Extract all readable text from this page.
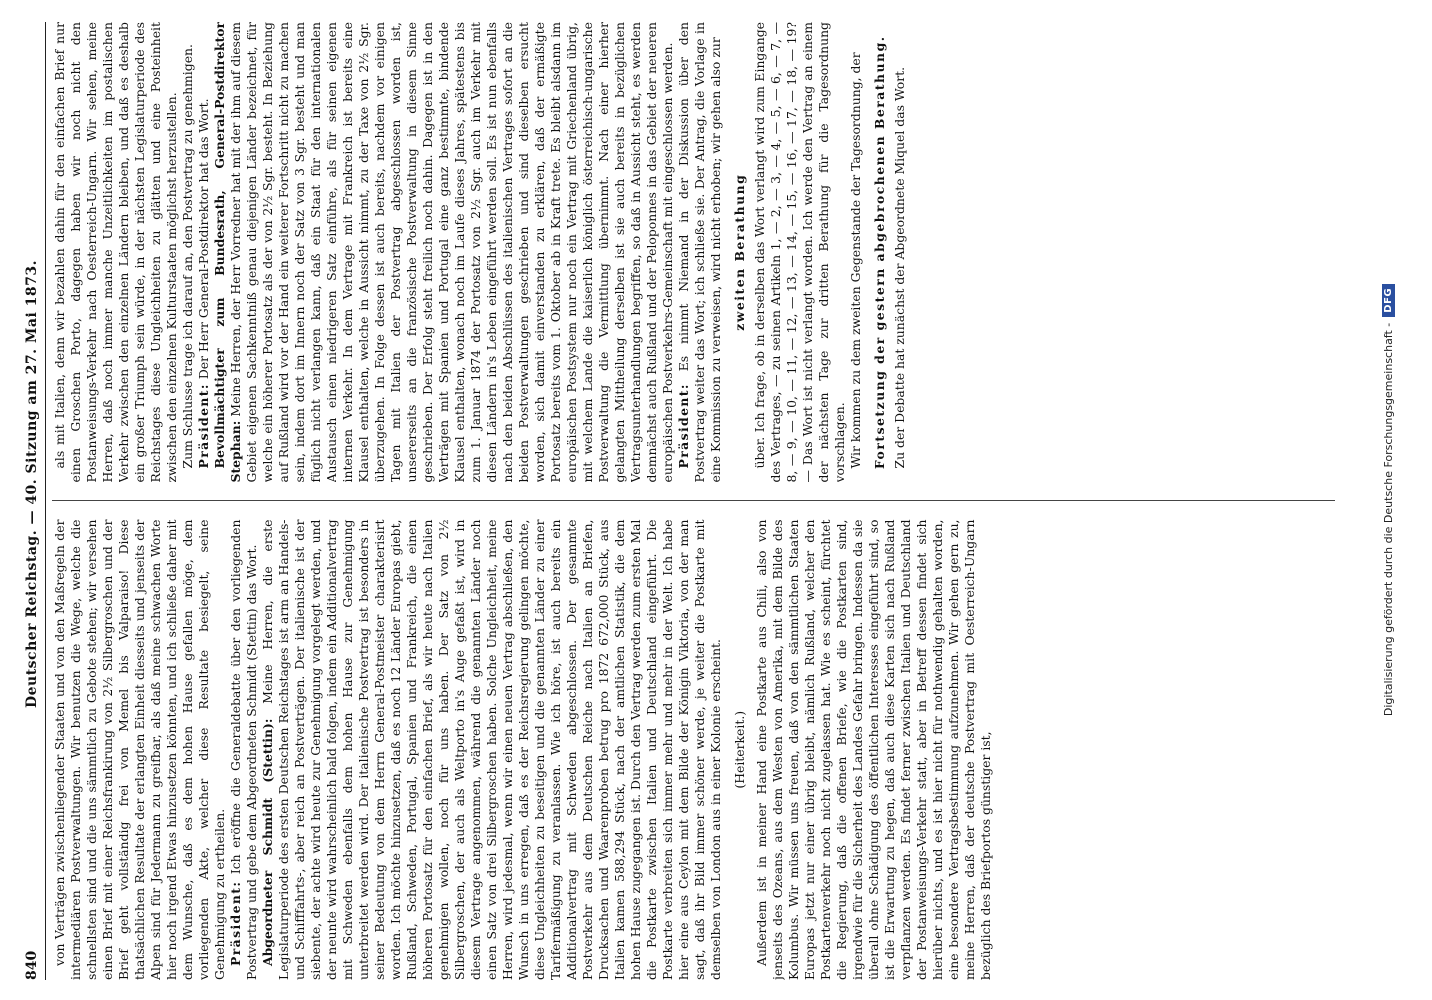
840
Deutscher Reichstag. — 40. Sitzung am 27. Mai 1873.

von Verträgen zwischenliegender Staaten und von den Maßregeln der intermediären Postverwaltungen. Wir benutzen die Wege, welche die schnellsten sind und die uns sämmtlich zu Gebote stehen; wir versehen einen Brief mit einer Reichsfrankirung von 2½ Silbergroschen und der Brief geht vollständig frei von Memel bis Valparaiso! Diese thatsächlichen Resultate der erlangten Einheit diesseits und jenseits der Alpen sind für Jedermann zu greifbar, als daß meine schwachen Worte hier noch irgend Etwas hinzusetzen könnten, und ich schließe daher mit dem Wunsche, daß es dem hohen Hause gefallen möge, dem vorliegenden Akte, welcher diese Resultate besiegelt, seine Genehmigung zu ertheilen. Präsident: Ich eröffne die Generaldebatte über den vorliegenden Postvertrag und gebe dem Abgeordneten Schmidt (Stettin) das Wort. Abgeordneter Schmidt (Stettin): Meine Herren, die erste Legislaturperiode des ersten Deutschen Reichstages ist arm an Handels- und Schifffahrts-, aber reich an Postverträgen. Der italienische ist der siebente, der achte wird heute zur Genehmigung vorgelegt werden, und der neunte wird wahrscheinlich bald folgen, indem ein Additionalvertrag mit Schweden ebenfalls dem hohen Hause zur Genehmigung unterbreitet werden wird. Der italienische Postvertrag ist besonders in seiner Bedeutung von dem Herrn General-Postmeister charakterisirt worden. Ich möchte hinzusetzen, daß es noch 12 Länder Europas giebt, Rußland, Schweden, Portugal, Spanien und Frankreich, die einen höheren Portosatz für den einfachen Brief, als wir heute nach Italien genehmigen wollen, noch für uns haben. Der Satz von 2½ Silbergroschen, der auch als Weltporto in's Auge gefaßt ist, wird in diesem Vertrage angenommen, während die genannten Länder noch einen Satz von drei Silbergroschen haben. Solche Ungleichheit, meine Herren, wird jedesmal, wenn wir einen neuen Vertrag abschließen, den Wunsch in uns erregen, daß es der Reichsregierung gelingen möchte, diese Ungleichheiten zu beseitigen und die genannten Länder zu einer Tarifermäßigung zu veranlassen. Wie ich höre, ist auch bereits ein Additionalvertrag mit Schweden abgeschlossen. Der gesammte Postverkehr aus dem Deutschen Reiche nach Italien an Briefen, Drucksachen und Waarenproben betrug pro 1872 672,000 Stück, aus Italien kamen 588,294 Stück, nach der amtlichen Statistik, die dem hohen Hause zugegangen ist. Durch den Vertrag werden zum ersten Mal die Postkarte zwischen Italien und Deutschland eingeführt. Die Postkarte verbreiten sich immer mehr und mehr in der Welt. Ich habe hier eine aus Ceylon mit dem Bilde der Königin Viktoria, von der man sagt, daß ihr Bild immer schöner werde, je weiter die Postkarte mit demselben von London aus in einer Kolonie erscheint. (Heiterkeit.) Außerdem ist in meiner Hand eine Postkarte aus Chili, also von jenseits des Ozeans, aus dem Westen von Amerika, mit dem Bilde des Kolumbus. Wir müssen uns freuen, daß von den sämmtlichen Staaten Europas jetzt nur einer übrig bleibt, nämlich Rußland, welcher den Postkartenverkehr noch nicht zugelassen hat. Wie es scheint, fürchtet die Regierung, daß die offenen Briefe, wie die Postkarten sind, irgendwie für die Sicherheit des Landes Gefahr bringen. Indessen da sie überall ohne Schädigung des öffentlichen Interesses eingeführt sind, so ist die Erwartung zu hegen, daß auch diese Karten sich nach Rußland verpflanzen werden. Es findet ferner zwischen Italien und Deutschland der Postanweisungs-Verkehr statt, aber in Betreff dessen findet sich hierüber nichts, und es ist hier nicht für nothwendig gehalten worden, eine besondere Vertragsbestimmung aufzunehmen. Wir gehen gern zu, meine Herren, daß der deutsche Postvertrag mit Oesterreich-Ungarn bezüglich des Briefportos günstiger ist,

als mit Italien, denn wir bezahlen dahin für den einfachen Brief nur einen Groschen Porto, dagegen haben wir noch nicht den Postanweisungs-Verkehr nach Oesterreich-Ungarn. Wir sehen, meine Herren, daß noch immer manche Unzeitlichkeiten im postalischen Verkehr zwischen den einzelnen Ländern bleiben, und daß es deshalb ein großer Triumph sein würde, in der nächsten Legislaturperiode des Reichstages diese Ungleichheiten zu glätten und eine Posteinheit zwischen den einzelnen Kulturstaaten möglichst herzustellen. Zum Schlusse trage ich darauf an, den Postvertrag zu genehmigen. Präsident: Der Herr General-Postdirektor hat das Wort. Bevollmächtigter zum Bundesrath, General-Postdirektor Stephan: Meine Herren, der Herr Vorredner hat mit der ihm auf diesem Gebiet eigenen Sachkenntniß genau diejenigen Länder bezeichnet, für welche ein höherer Portosatz als der von 2½ Sgr. besteht. In Beziehung auf Rußland wird vor der Hand ein weiterer Fortschritt nicht zu machen sein, indem dort im Innern noch der Satz von 3 Sgr. besteht und man füglich nicht verlangen kann, daß ein Staat für den internationalen Austausch einen niedrigeren Satz einführe, als für seinen eigenen internen Verkehr. In dem Vertrage mit Frankreich ist bereits eine Klausel enthalten, welche in Aussicht nimmt, zu der Taxe von 2½ Sgr. überzugehen. In Folge dessen ist auch bereits, nachdem vor einigen Tagen mit Italien der Postvertrag abgeschlossen worden ist, unsererseits an die französische Postverwaltung in diesem Sinne geschrieben. Der Erfolg steht freilich noch dahin. Dagegen ist in den Verträgen mit Spanien und Portugal eine ganz bestimmte, bindende Klausel enthalten, wonach noch im Laufe dieses Jahres, spätestens bis zum 1. Januar 1874 der Portosatz von 2½ Sgr. auch im Verkehr mit diesen Ländern in's Leben eingeführt werden soll. Es ist nun ebenfalls nach den beiden Abschlüssen des italienischen Vertrages sofort an die beiden Postverwaltungen geschrieben und sind dieselben ersucht worden, sich damit einverstanden zu erklären, daß der ermäßigte Portosatz bereits vom 1. Oktober ab in Kraft trete. Es bleibt alsdann im europäischen Postsystem nur noch ein Vertrag mit Griechenland übrig, mit welchem Lande die kaiserlich königlich österreichisch-ungarische Postverwaltung die Vermittlung übernimmt. Nach einer hierher gelangten Mittheilung derselben ist sie auch bereits in bezüglichen Vertragsunterhandlungen begriffen, so daß in Aussicht steht, es werden demnächst auch Rußland und der Peloponnes in das Gebiet der neueren europäischen Postverkehrs-Gemeinschaft mit eingeschlossen werden. Präsident: Es nimmt Niemand in der Diskussion über den Postvertrag weiter das Wort; ich schließe sie. Der Antrag, die Vorlage in eine Kommission zu verweisen, wird nicht erhoben; wir gehen also zur zweiten Berathung über. Ich frage, ob in derselben das Wort verlangt wird zum Eingange des Vertrages, — zu seinen Artikeln 1, — 2, — 3, — 4, — 5, — 6, — 7, — 8, — 9, — 10, — 11, — 12, — 13, — 14, — 15, — 16, — 17, — 18, — 19? — Das Wort ist nicht verlangt worden. Ich werde den Vertrag an einem der nächsten Tage zur dritten Berathung für die Tagesordnung vorschlagen. Wir kommen zu dem zweiten Gegenstande der Tagesordnung, der Fortsetzung der gestern abgebrochenen Berathung. Zu der Debatte hat zunächst der Abgeordnete Miquel das Wort.

Digitalisierung gefördert durch die Deutsche Forschungsgemeinschaft -
DFG
